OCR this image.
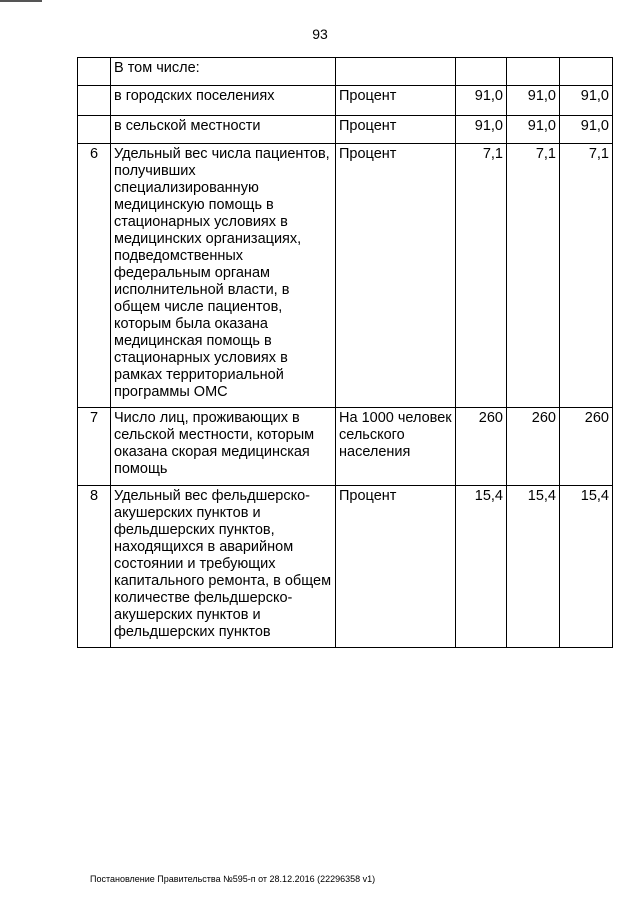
93
	В том числе:				
	в городских поселениях	Процент	91,0	91,0	91,0
	в сельской местности	Процент	91,0	91,0	91,0
6	Удельный вес числа пациентов, получивших специализированную медицинскую помощь в стационарных условиях в медицинских организациях, подведомственных федеральным органам исполнительной власти, в общем числе пациентов, которым была оказана медицинская помощь в стационарных условиях в рамках территориальной программы ОМС	Процент	7,1	7,1	7,1
7	Число лиц, проживающих в сельской местности, которым оказана скорая медицинская помощь	На 1000 человек сельского населения	260	260	260
8	Удельный вес фельдшерско-акушерских пунктов и фельдшерских пунктов, находящихся в аварийном состоянии и требующих капитального ремонта, в общем количестве фельдшерско-акушерских пунктов и фельдшерских пунктов	Процент	15,4	15,4	15,4
Постановление Правительства №595-п от 28.12.2016 (22296358 v1)
